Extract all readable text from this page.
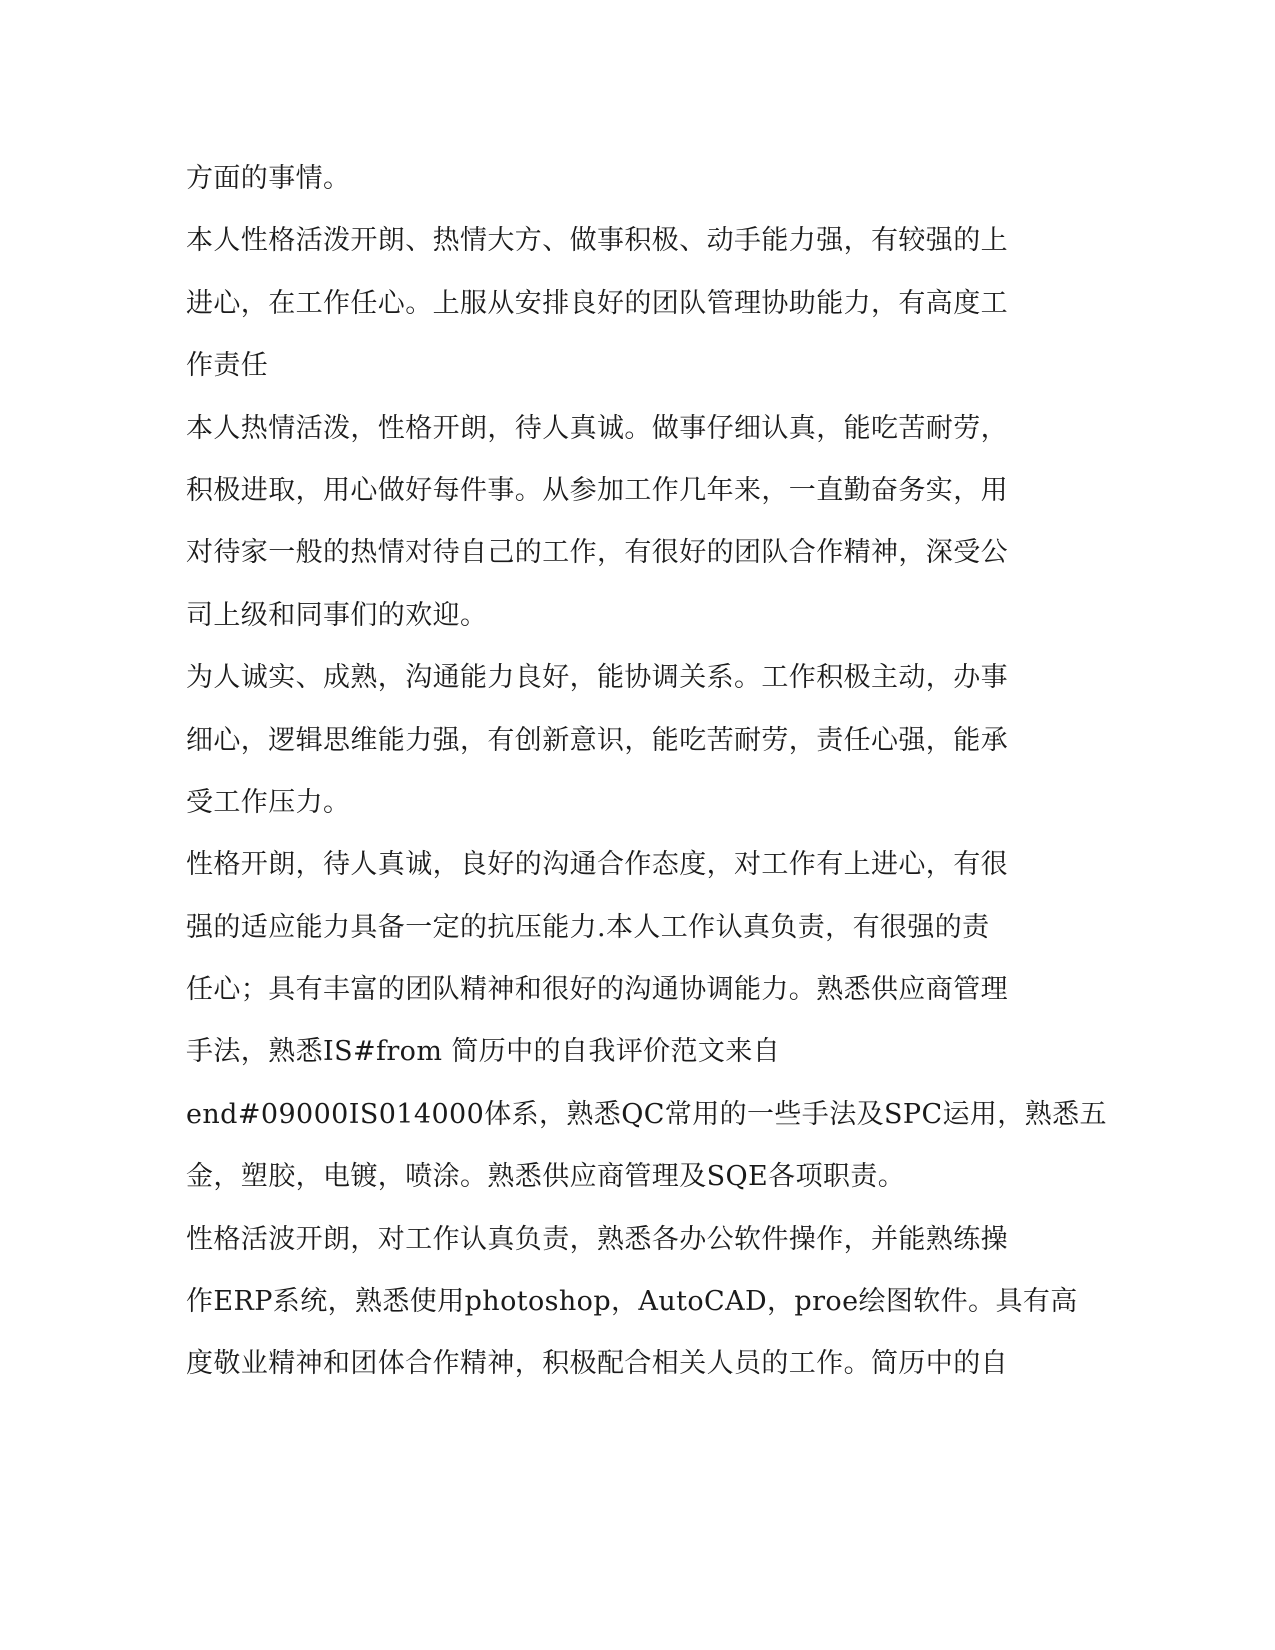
方面的事情。
本人性格活泼开朗、热情大方、做事积极、动手能力强，有较强的上
进心，在工作任心。上服从安排良好的团队管理协助能力，有高度工
作责任
本人热情活泼，性格开朗，待人真诚。做事仔细认真，能吃苦耐劳，
积极进取，用心做好每件事。从参加工作几年来，一直勤奋务实，用
对待家一般的热情对待自己的工作，有很好的团队合作精神，深受公
司上级和同事们的欢迎。
为人诚实、成熟，沟通能力良好，能协调关系。工作积极主动，办事
细心，逻辑思维能力强，有创新意识，能吃苦耐劳，责任心强，能承
受工作压力。
性格开朗，待人真诚，良好的沟通合作态度，对工作有上进心，有很
强的适应能力具备一定的抗压能力.本人工作认真负责，有很强的责
任心；具有丰富的团队精神和很好的沟通协调能力。熟悉供应商管理
手法，熟悉IS#from 简历中的自我评价范文来自
end#09000IS014000体系，熟悉QC常用的一些手法及SPC运用，熟悉五
金，塑胶，电镀，喷涂。熟悉供应商管理及SQE各项职责。
性格活波开朗，对工作认真负责，熟悉各办公软件操作，并能熟练操
作ERP系统，熟悉使用photoshop，AutoCAD，proe绘图软件。具有高
度敬业精神和团体合作精神，积极配合相关人员的工作。简历中的自
